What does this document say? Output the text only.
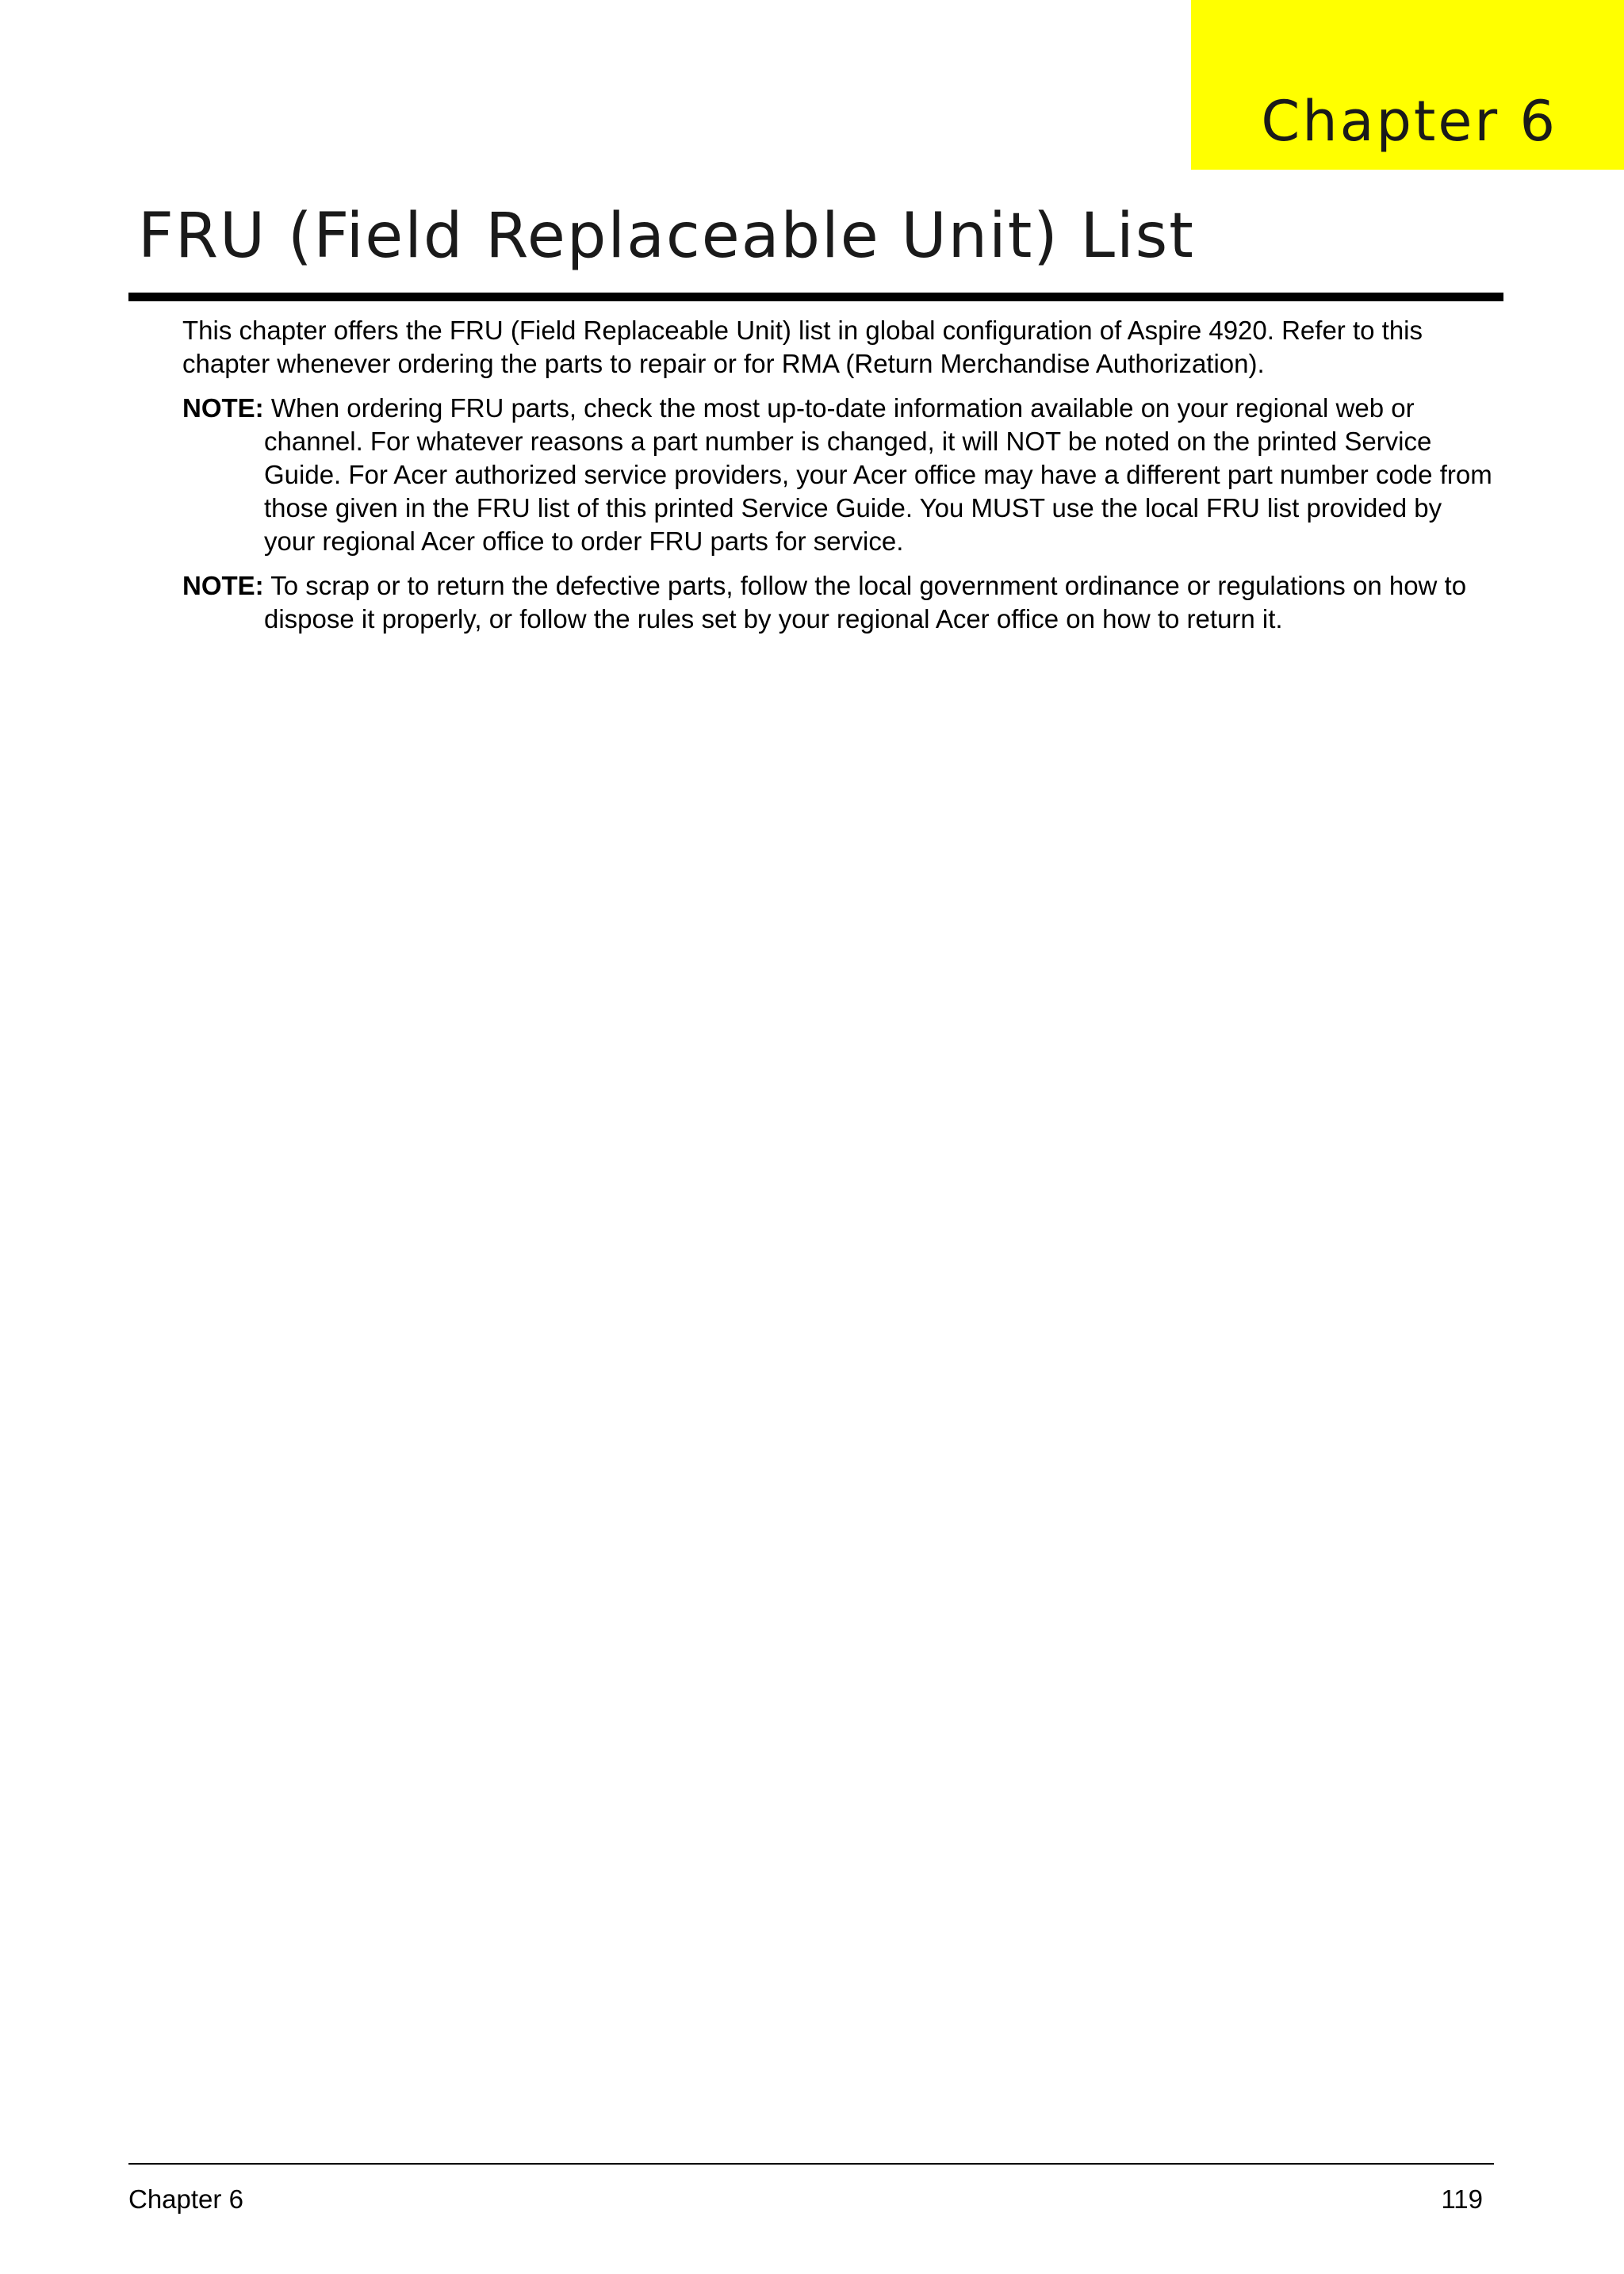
Chapter 6
FRU (Field Replaceable Unit) List

This chapter offers the FRU (Field Replaceable Unit) list in global configuration of Aspire 4920. Refer to this chapter whenever ordering the parts to repair or for RMA (Return Merchandise Authorization).

NOTE: When ordering FRU parts, check the most up-to-date information available on your regional web or channel. For whatever reasons a part number is changed, it will NOT be noted on the printed Service Guide. For Acer authorized service providers, your Acer office may have a different part number code from those given in the FRU list of this printed Service Guide. You MUST use the local FRU list provided by your regional Acer office to order FRU parts for service.

NOTE: To scrap or to return the defective parts, follow the local government ordinance or regulations on how to dispose it properly, or follow the rules set by your regional Acer office on how to return it.

Chapter 6	119
